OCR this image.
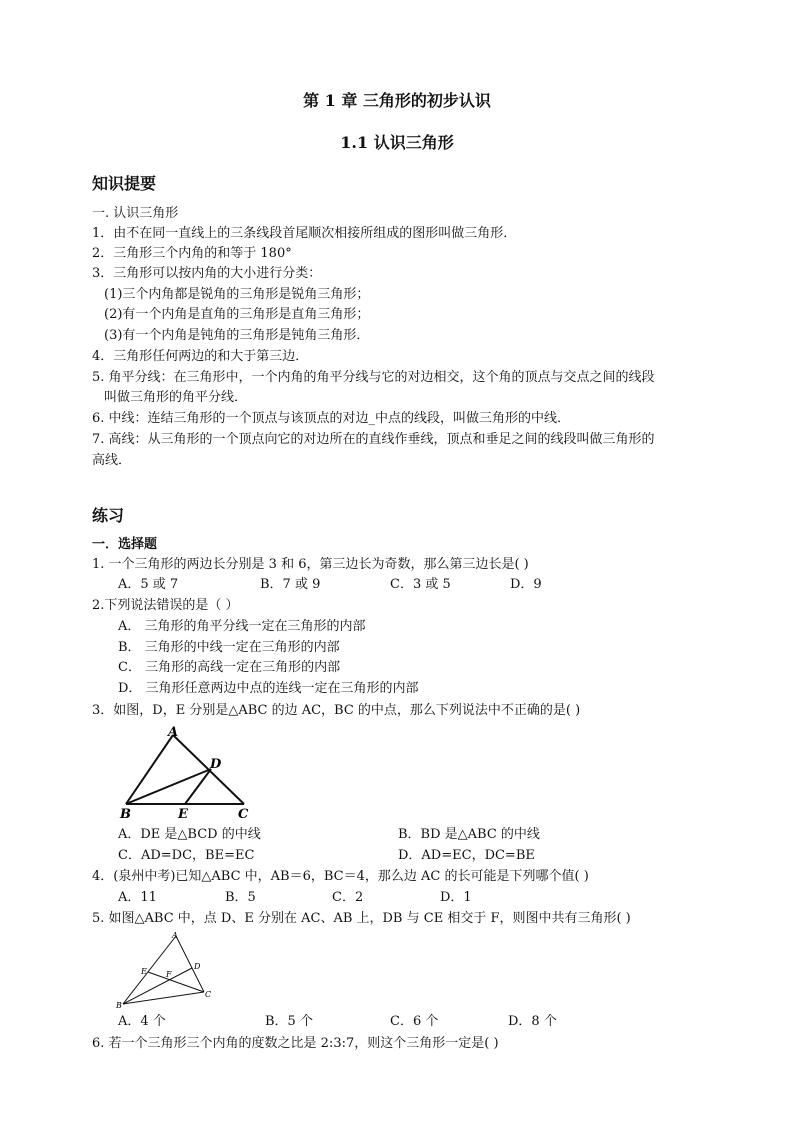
第 1 章 三角形的初步认识
1.1 认识三角形
知识提要
一. 认识三角形
1．由不在同一直线上的三条线段首尾顺次相接所组成的图形叫做三角形．
2．三角形三个内角的和等于 180°
3．三角形可以按内角的大小进行分类：
(1)三个内角都是锐角的三角形是锐角三角形；
(2)有一个内角是直角的三角形是直角三角形；
(3)有一个内角是钝角的三角形是钝角三角形．
4．三角形任何两边的和大于第三边．
5. 角平分线：在三角形中，一个内角的角平分线与它的对边相交，这个角的顶点与交点之间的线段
叫做三角形的角平分线．
6. 中线：连结三角形的一个顶点与该顶点的对边_中点的线段，叫做三角形的中线．
7. 高线：从三角形的一个顶点向它的对边所在的直线作垂线，顶点和垂足之间的线段叫做三角形的
高线．
练习
一．选择题
1. 一个三角形的两边长分别是 3 和 6，第三边长为奇数，那么第三边长是( )
A．5 或 7	B．7 或 9	C．3 或 5	D．9
2.下列说法错误的是（ ）
A． 三角形的角平分线一定在三角形的内部
B． 三角形的中线一定在三角形的内部
C． 三角形的高线一定在三角形的内部
D． 三角形任意两边中点的连线一定在三角形的内部
3．如图，D，E 分别是△ABC 的边 AC，BC 的中点，那么下列说法中不正确的是( )
A
D
B	E	C
A．DE 是△BCD 的中线	B．BD 是△ABC 的中线
C．AD=DC，BE=EC	D．AD=EC，DC=BE
4．(泉州中考)已知△ABC 中，AB＝6，BC＝4，那么边 AC 的长可能是下列哪个值( )
A．11	B．5	C．2	D．1
5. 如图△ABC 中，点 D、E 分别在 AC、AB 上，DB 与 CE 相交于 F，则图中共有三角形( )
A
E F
D
B
C
A．4 个	B．5 个	C．6 个	D．8 个
6. 若一个三角形三个内角的度数之比是 2:3:7，则这个三角形一定是( )
